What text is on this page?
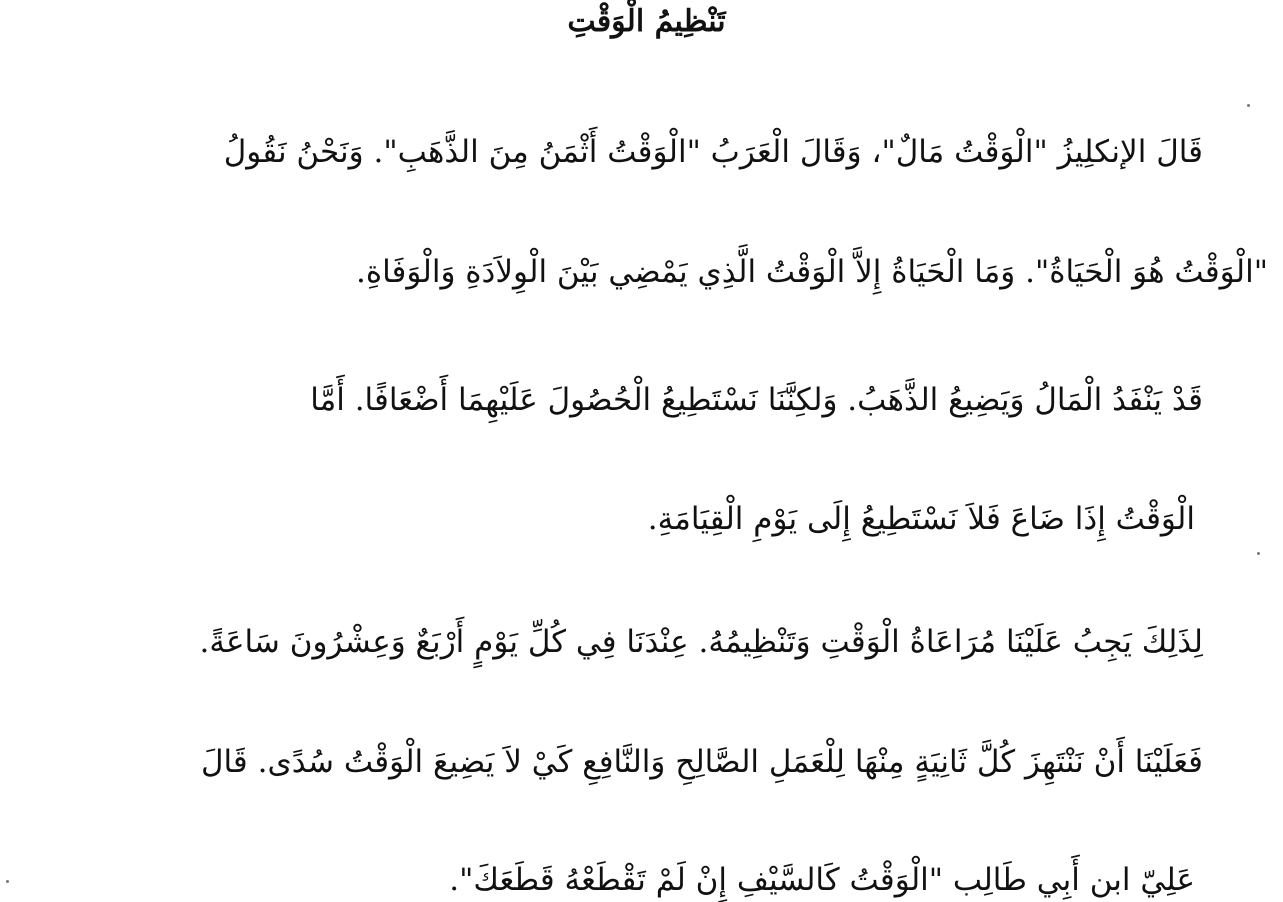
تَنْظِيمُ الْوَقْتِ

قَالَ الإنكلِيزُ "الْوَقْتُ مَالٌ"، وَقَالَ الْعَرَبُ "الْوَقْتُ أَثْمَنُ مِنَ الذَّهَبِ". وَنَحْنُ نَقُولُ

"الْوَقْتُ هُوَ الْحَيَاةُ". وَمَا الْحَيَاةُ إِلاَّ الْوَقْتُ الَّذِي يَمْضِي بَيْنَ الْوِلاَدَةِ وَالْوَفَاةِ.

قَدْ يَنْفَدُ الْمَالُ وَيَضِيعُ الذَّهَبُ. وَلكِنَّنَا نَسْتَطِيعُ الْحُصُولَ عَلَيْهِمَا أَضْعَافًا. أَمَّا

الْوَقْتُ إِذَا ضَاعَ فَلاَ نَسْتَطِيعُ إِلَى يَوْمِ الْقِيَامَةِ.

لِذَلِكَ يَجِبُ عَلَيْنَا مُرَاعَاةُ الْوَقْتِ وَتَنْظِيمُهُ. عِنْدَنَا فِي كُلِّ يَوْمٍ أَرْبَعٌ وَعِشْرُونَ سَاعَةً.

فَعَلَيْنَا أَنْ نَنْتَهِزَ كُلَّ ثَانِيَةٍ مِنْهَا لِلْعَمَلِ الصَّالِحِ وَالنَّافِعِ كَيْ لاَ يَضِيعَ الْوَقْتُ سُدًى. قَالَ

عَلِيّ ابن أَبِي طَالِب "الْوَقْتُ كَالسَّيْفِ إِنْ لَمْ تَقْطَعْهُ قَطَعَكَ".
